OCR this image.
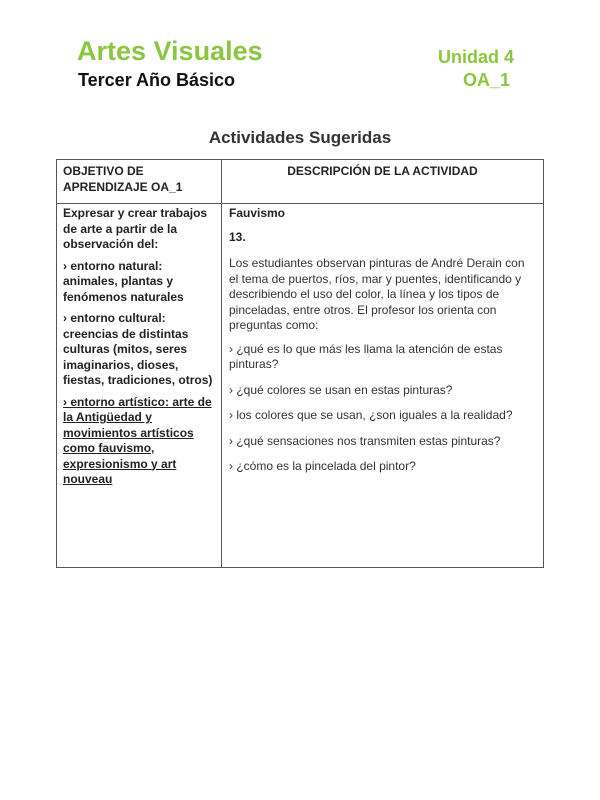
Artes Visuales
Tercer Año Básico
Unidad 4
OA_1
Actividades Sugeridas
OBJETIVO DE APRENDIZAJE OA_1
DESCRIPCIÓN DE LA ACTIVIDAD

Expresar y crear trabajos de arte a partir de la observación del:

› entorno natural: animales, plantas y fenómenos naturales

› entorno cultural: creencias de distintas culturas (mitos, seres imaginarios, dioses, fiestas, tradiciones, otros)

› entorno artístico: arte de la Antigüedad y movimientos artísticos como fauvismo, expresionismo y art nouveau

Fauvismo

13.

Los estudiantes observan pinturas de André Derain con el tema de puertos, ríos, mar y puentes, identificando y describiendo el uso del color, la línea y los tipos de pinceladas, entre otros. El profesor los orienta con preguntas como:

› ¿qué es lo que más les llama la atención de estas pinturas?

› ¿qué colores se usan en estas pinturas?

› los colores que se usan, ¿son iguales a la realidad?

› ¿qué sensaciones nos transmiten estas pinturas?

› ¿cómo es la pincelada del pintor?
